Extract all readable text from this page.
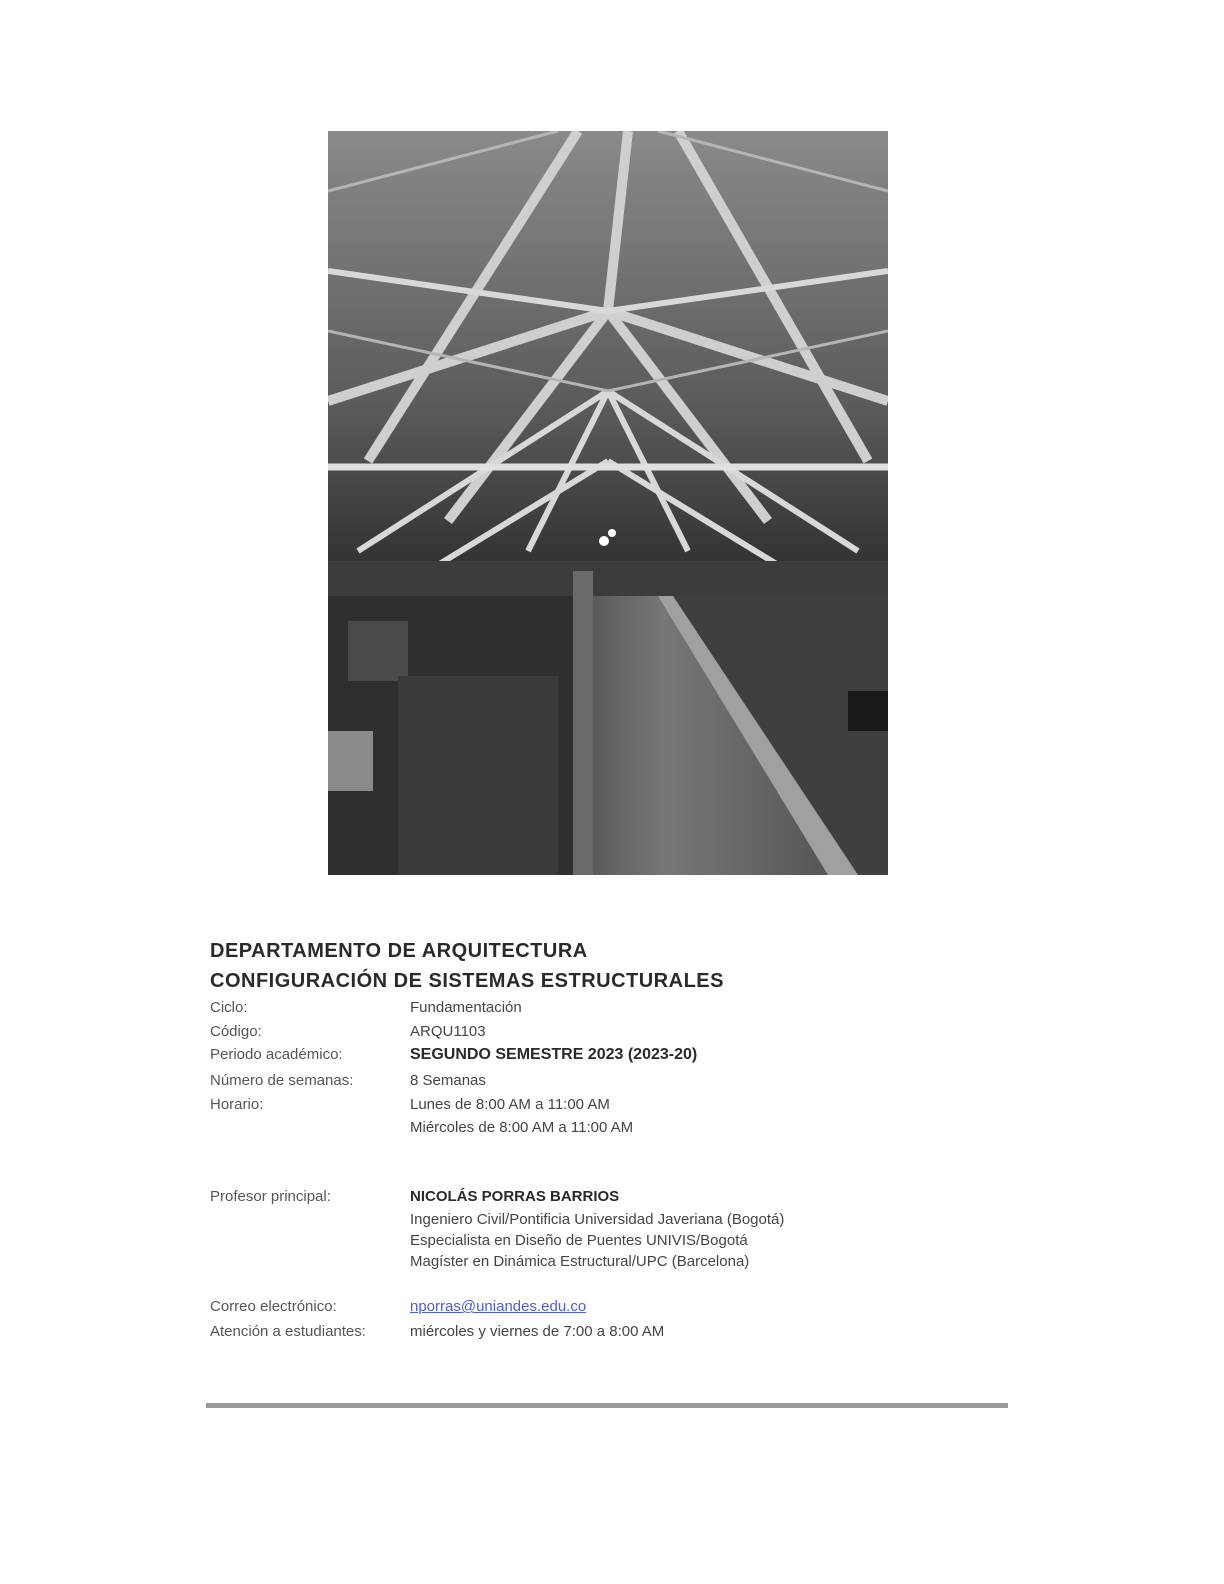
DEPARTAMENTO DE ARQUITECTURA
CONFIGURACIÓN DE SISTEMAS ESTRUCTURALES
Ciclo:	Fundamentación
Código:	ARQU1103
Periodo académico:	SEGUNDO SEMESTRE 2023 (2023-20)
Número de semanas:	8 Semanas
Horario:	Lunes de 8:00 AM a 11:00 AM
Miércoles de 8:00 AM a 11:00 AM
Profesor principal:	NICOLÁS PORRAS BARRIOS
Ingeniero Civil/Pontificia Universidad Javeriana (Bogotá)
Especialista en Diseño de Puentes UNIVIS/Bogotá
Magíster en Dinámica Estructural/UPC (Barcelona)
Correo electrónico:	nporras@uniandes.edu.co
Atención a estudiantes:	miércoles y viernes de 7:00 a 8:00 AM
